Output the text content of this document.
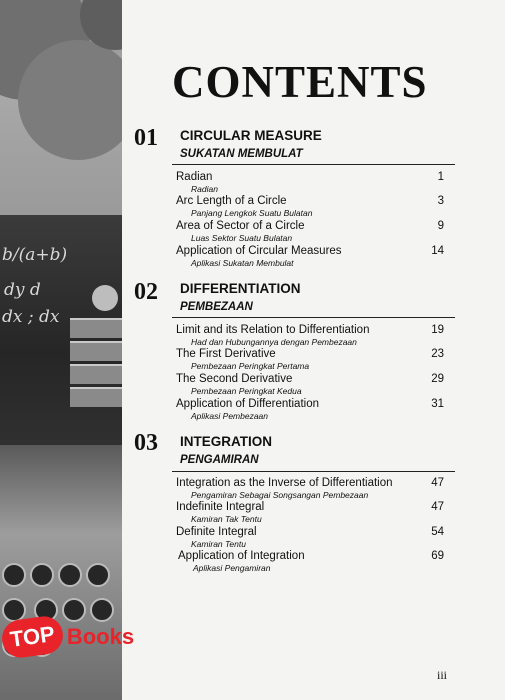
b/(a+b)
dy d
dx ; dx

CONTENTS
01 CIRCULAR MEASURE
SUKATAN MEMBULAT
Radian
Radian
1
Arc Length of a Circle
Panjang Lengkok Suatu Bulatan
3
Area of Sector of a Circle
Luas Sektor Suatu Bulatan
9
Application of Circular Measures
Aplikasi Sukatan Membulat
14
02 DIFFERENTIATION
PEMBEZAAN
Limit and its Relation to Differentiation
Had dan Hubungannya dengan Pembezaan
19
The First Derivative
Pembezaan Peringkat Pertama
23
The Second Derivative
Pembezaan Peringkat Kedua
29
Application of Differentiation
Aplikasi Pembezaan
31
03 INTEGRATION
PENGAMIRAN
Integration as the Inverse of Differentiation
Pengamiran Sebagai Songsangan Pembezaan
47
Indefinite Integral
Kamiran Tak Tentu
47
Definite Integral
Kamiran Tentu
54
Application of Integration
Aplikasi Pengamiran
69
TOP Books
iii
